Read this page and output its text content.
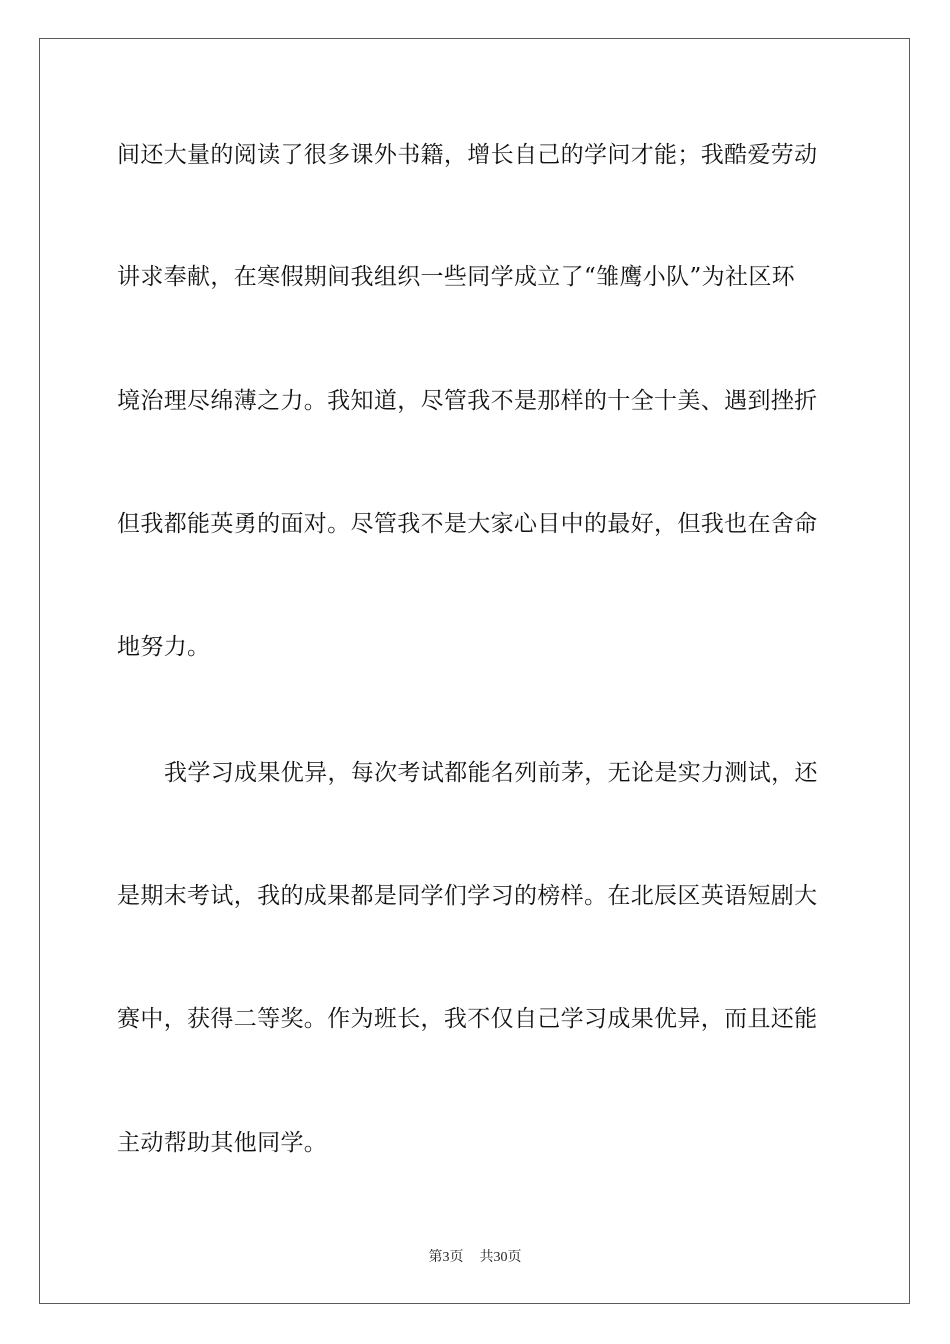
间还大量的阅读了很多课外书籍，增长自己的学问才能；我酷爱劳动
讲求奉献，在寒假期间我组织一些同学成立了“雏鹰小队”为社区环
境治理尽绵薄之力。我知道，尽管我不是那样的十全十美、遇到挫折
但我都能英勇的面对。尽管我不是大家心目中的最好，但我也在舍命
地努力。
我学习成果优异，每次考试都能名列前茅，无论是实力测试，还
是期末考试，我的成果都是同学们学习的榜样。在北辰区英语短剧大
赛中，获得二等奖。作为班长，我不仅自己学习成果优异，而且还能
主动帮助其他同学。
第3页 共30页
